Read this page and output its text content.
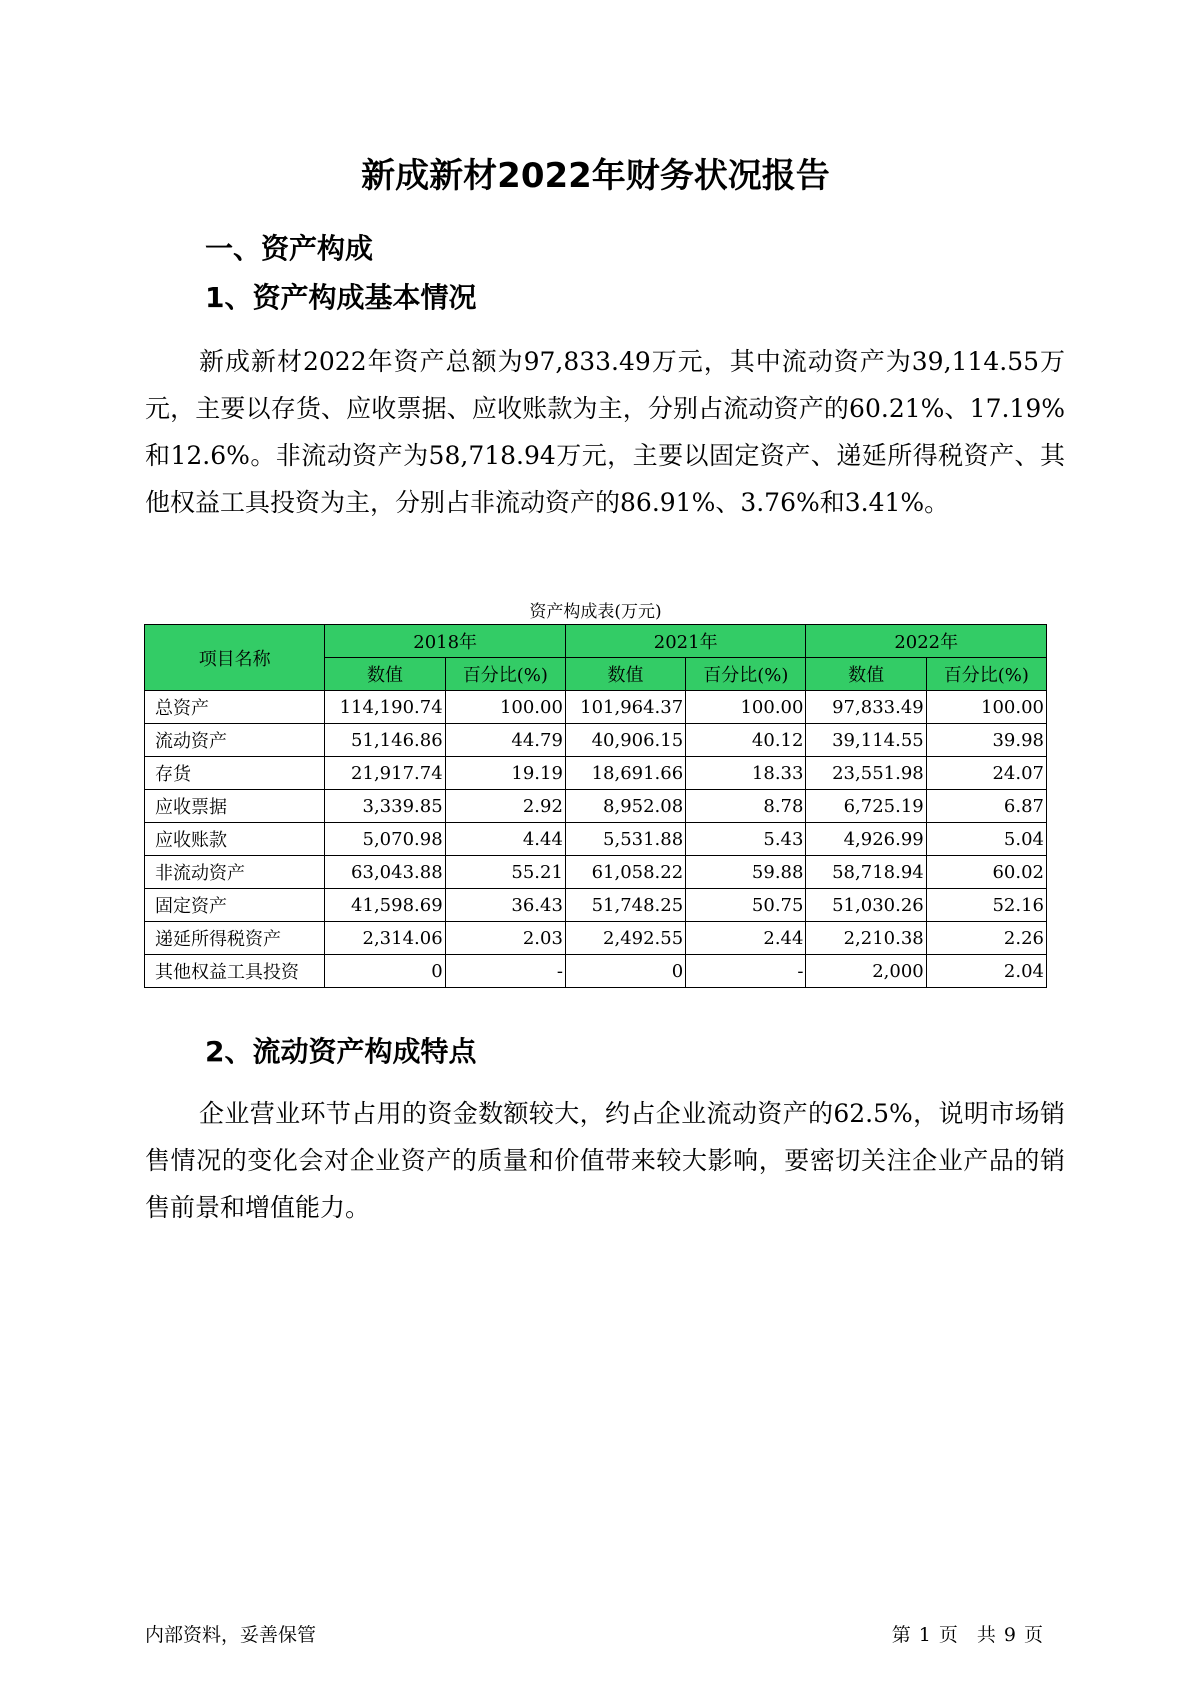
新成新材2022年财务状况报告
一、资产构成
1、资产构成基本情况
新成新材2022年资产总额为97,833.49万元，其中流动资产为39,114.55万元，主要以存货、应收票据、应收账款为主，分别占流动资产的60.21%、17.19%和12.6%。非流动资产为58,718.94万元，主要以固定资产、递延所得税资产、其他权益工具投资为主，分别占非流动资产的86.91%、3.76%和3.41%。
资产构成表(万元)
项目名称	2018年		2021年		2022年	
	数值	百分比(%)	数值	百分比(%)	数值	百分比(%)
总资产	114,190.74	100.00	101,964.37	100.00	97,833.49	100.00
流动资产	51,146.86	44.79	40,906.15	40.12	39,114.55	39.98
存货	21,917.74	19.19	18,691.66	18.33	23,551.98	24.07
应收票据	3,339.85	2.92	8,952.08	8.78	6,725.19	6.87
应收账款	5,070.98	4.44	5,531.88	5.43	4,926.99	5.04
非流动资产	63,043.88	55.21	61,058.22	59.88	58,718.94	60.02
固定资产	41,598.69	36.43	51,748.25	50.75	51,030.26	52.16
递延所得税资产	2,314.06	2.03	2,492.55	2.44	2,210.38	2.26
其他权益工具投资	0	-	0	-	2,000	2.04
2、流动资产构成特点
企业营业环节占用的资金数额较大，约占企业流动资产的62.5%，说明市场销售情况的变化会对企业资产的质量和价值带来较大影响，要密切关注企业产品的销售前景和增值能力。
内部资料，妥善保管	第 1 页　共 9 页
